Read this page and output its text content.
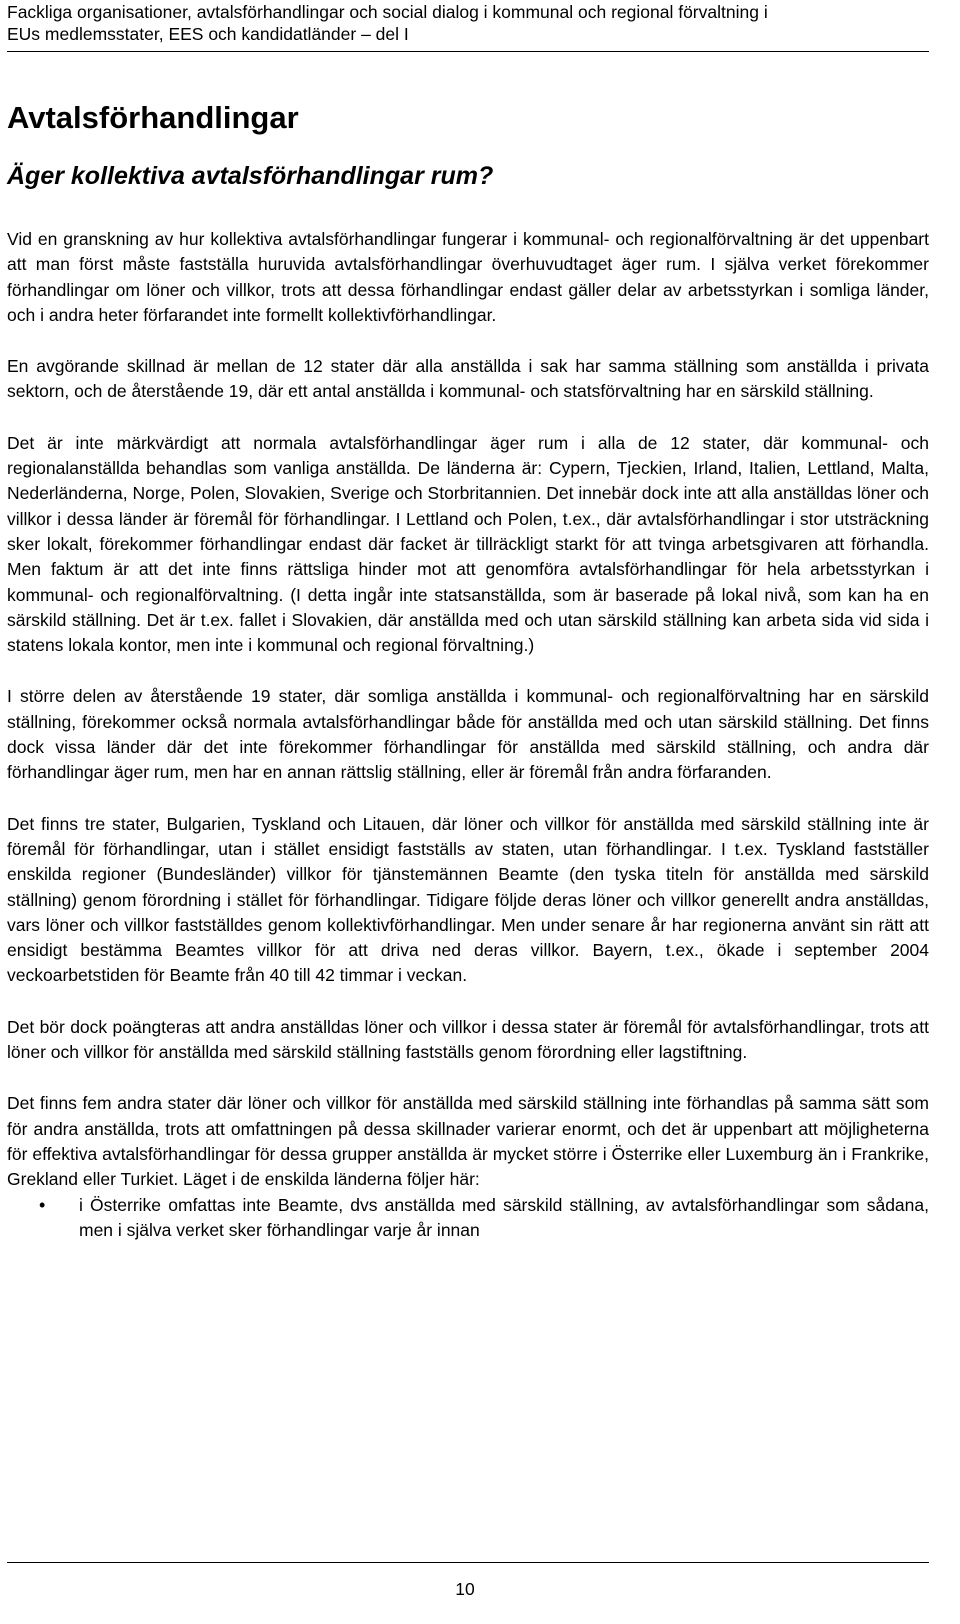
Fackliga organisationer, avtalsförhandlingar och social dialog i kommunal och regional förvaltning i
EUs medlemsstater, EES och kandidatländer – del I
Avtalsförhandlingar
Äger kollektiva avtalsförhandlingar rum?

Vid en granskning av hur kollektiva avtalsförhandlingar fungerar i kommunal- och regionalförvaltning är det uppenbart att man först måste fastställa huruvida avtalsförhandlingar överhuvudtaget äger rum. I själva verket förekommer förhandlingar om löner och villkor, trots att dessa förhandlingar endast gäller delar av arbetsstyrkan i somliga länder, och i andra heter förfarandet inte formellt kollektivförhandlingar.

En avgörande skillnad är mellan de 12 stater där alla anställda i sak har samma ställning som anställda i privata sektorn, och de återstående 19, där ett antal anställda i kommunal- och statsförvaltning har en särskild ställning.

Det är inte märkvärdigt att normala avtalsförhandlingar äger rum i alla de 12 stater, där kommunal- och regionalanställda behandlas som vanliga anställda. De länderna är: Cypern, Tjeckien, Irland, Italien, Lettland, Malta, Nederländerna, Norge, Polen, Slovakien, Sverige och Storbritannien. Det innebär dock inte att alla anställdas löner och villkor i dessa länder är föremål för förhandlingar. I Lettland och Polen, t.ex., där avtalsförhandlingar i stor utsträckning sker lokalt, förekommer förhandlingar endast där facket är tillräckligt starkt för att tvinga arbetsgivaren att förhandla. Men faktum är att det inte finns rättsliga hinder mot att genomföra avtalsförhandlingar för hela arbetsstyrkan i kommunal- och regionalförvaltning. (I detta ingår inte statsanställda, som är baserade på lokal nivå, som kan ha en särskild ställning. Det är t.ex. fallet i Slovakien, där anställda med och utan särskild ställning kan arbeta sida vid sida i statens lokala kontor, men inte i kommunal och regional förvaltning.)

I större delen av återstående 19 stater, där somliga anställda i kommunal- och regionalförvaltning har en särskild ställning, förekommer också normala avtalsförhandlingar både för anställda med och utan särskild ställning. Det finns dock vissa länder där det inte förekommer förhandlingar för anställda med särskild ställning, och andra där förhandlingar äger rum, men har en annan rättslig ställning, eller är föremål från andra förfaranden.

Det finns tre stater, Bulgarien, Tyskland och Litauen, där löner och villkor för anställda med särskild ställning inte är föremål för förhandlingar, utan i stället ensidigt fastställs av staten, utan förhandlingar. I t.ex. Tyskland fastställer enskilda regioner (Bundesländer) villkor för tjänstemännen Beamte (den tyska titeln för anställda med särskild ställning) genom förordning i stället för förhandlingar. Tidigare följde deras löner och villkor generellt andra anställdas, vars löner och villkor fastställdes genom kollektivförhandlingar. Men under senare år har regionerna använt sin rätt att ensidigt bestämma Beamtes villkor för att driva ned deras villkor. Bayern, t.ex., ökade i september 2004 veckoarbetstiden för Beamte från 40 till 42 timmar i veckan.

Det bör dock poängteras att andra anställdas löner och villkor i dessa stater är föremål för avtalsförhandlingar, trots att löner och villkor för anställda med särskild ställning fastställs genom förordning eller lagstiftning.

Det finns fem andra stater där löner och villkor för anställda med särskild ställning inte förhandlas på samma sätt som för andra anställda, trots att omfattningen på dessa skillnader varierar enormt, och det är uppenbart att möjligheterna för effektiva avtalsförhandlingar för dessa grupper anställda är mycket större i Österrike eller Luxemburg än i Frankrike, Grekland eller Turkiet. Läget i de enskilda länderna följer här:

• i Österrike omfattas inte Beamte, dvs anställda med särskild ställning, av avtalsförhandlingar som sådana, men i själva verket sker förhandlingar varje år innan
10
